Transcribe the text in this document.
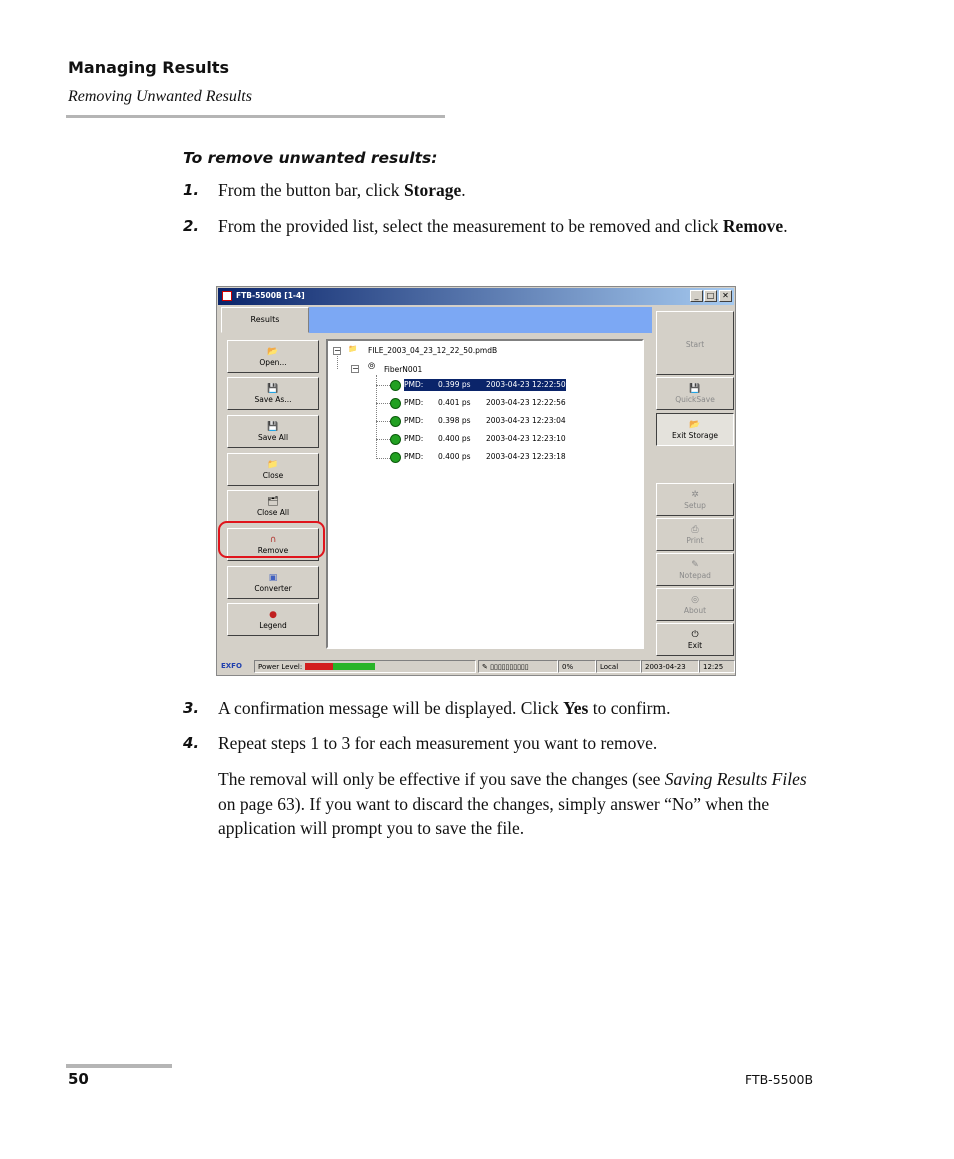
Managing Results
Removing Unwanted Results
To remove unwanted results:
1. From the button bar, click Storage.
2. From the provided list, select the measurement to be removed and click Remove.
FTB-5500B [1-4]	_	□ ✕
Results
📂
Open...
💾
Save As...
💾
Save All
📁
Close
🗂
Close All
∩
Remove
▣
Converter
●
Legend
− 📁 FILE_2003_04_23_12_22_50.pmdB
− ⦾ FiberN001
PMD: 0.399 ps 2003-04-23 12:22:50
PMD: 0.401 ps 2003-04-23 12:22:56
PMD: 0.398 ps 2003-04-23 12:23:04
PMD: 0.400 ps 2003-04-23 12:23:10
PMD: 0.400 ps 2003-04-23 12:23:18
Start
💾
QuickSave
📂
Exit Storage
✲
Setup
⎙
Print
✎
Notepad
◎
About
⏻
Exit
EXFO	Power Level:	✎ ▯▯▯▯▯▯▯▯▯▯	0%	Local	2003-04-23	12:25
3. A confirmation message will be displayed. Click Yes to confirm.
4. Repeat steps 1 to 3 for each measurement you want to remove.
The removal will only be effective if you save the changes (see Saving Results Files on page 63). If you want to discard the changes, simply answer “No” when the application will prompt you to save the file.
50	FTB-5500B
